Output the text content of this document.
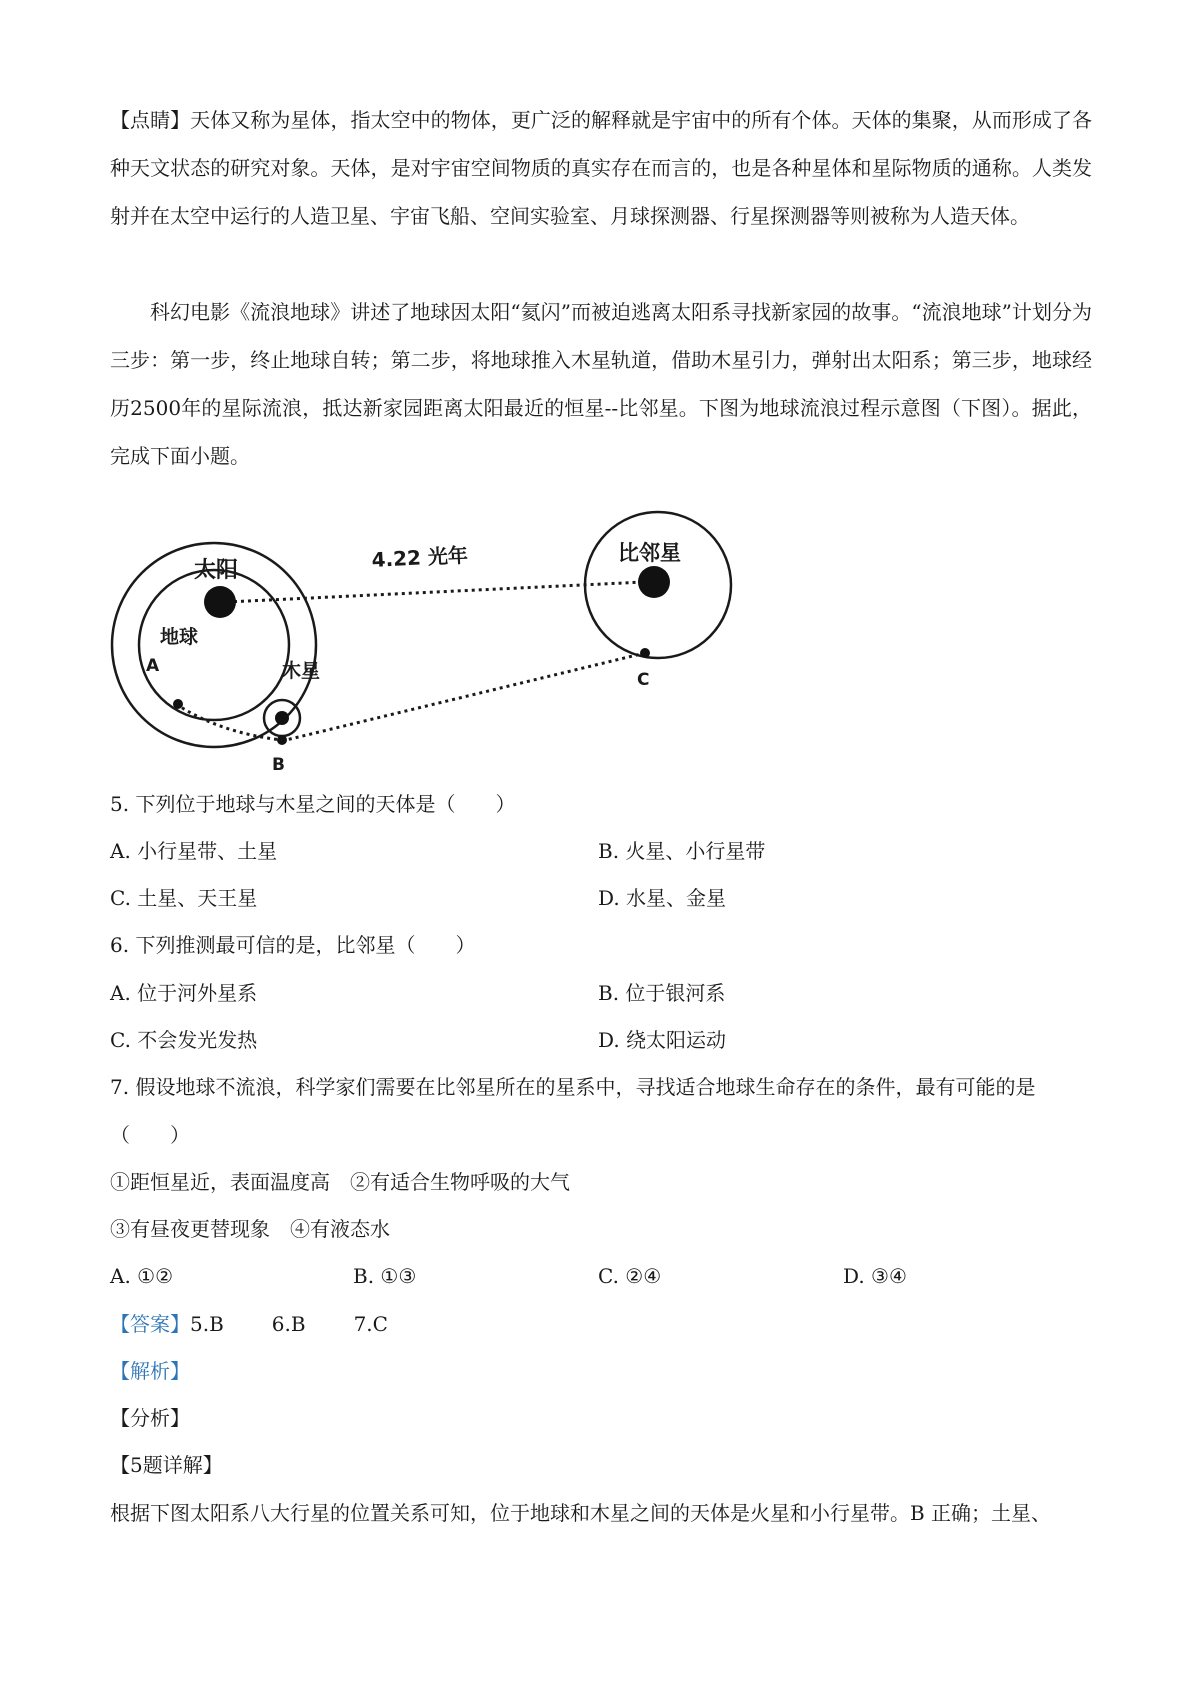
【点睛】天体又称为星体，指太空中的物体，更广泛的解释就是宇宙中的所有个体。天体的集聚，从而形成了各种天文状态的研究对象。天体，是对宇宙空间物质的真实存在而言的，也是各种星体和星际物质的通称。人类发射并在太空中运行的人造卫星、宇宙飞船、空间实验室、月球探测器、行星探测器等则被称为人造天体。

科幻电影《流浪地球》讲述了地球因太阳“氦闪”而被迫逃离太阳系寻找新家园的故事。“流浪地球”计划分为三步：第一步，终止地球自转；第二步，将地球推入木星轨道，借助木星引力，弹射出太阳系；第三步，地球经历2500年的星际流浪，抵达新家园距离太阳最近的恒星--比邻星。下图为地球流浪过程示意图（下图）。据此，完成下面小题。

太阳
比邻星
4.22 光年
地球
木星
A
B
C

5. 下列位于地球与木星之间的天体是（　　）

A. 小行星带、土星	B. 火星、小行星带

C. 土星、天王星	D. 水星、金星

6. 下列推测最可信的是，比邻星（　　）

A. 位于河外星系	B. 位于银河系

C. 不会发光发热	D. 绕太阳运动

7. 假设地球不流浪，科学家们需要在比邻星所在的星系中，寻找适合地球生命存在的条件，最有可能的是

（　　）

①距恒星近，表面温度高　②有适合生物呼吸的大气

③有昼夜更替现象　④有液态水

A. ①②	B. ①③	C. ②④	D. ③④

【答案】5.B 6.B 7.C

【解析】

【分析】

【5题详解】

根据下图太阳系八大行星的位置关系可知，位于地球和木星之间的天体是火星和小行星带。B 正确；土星、
